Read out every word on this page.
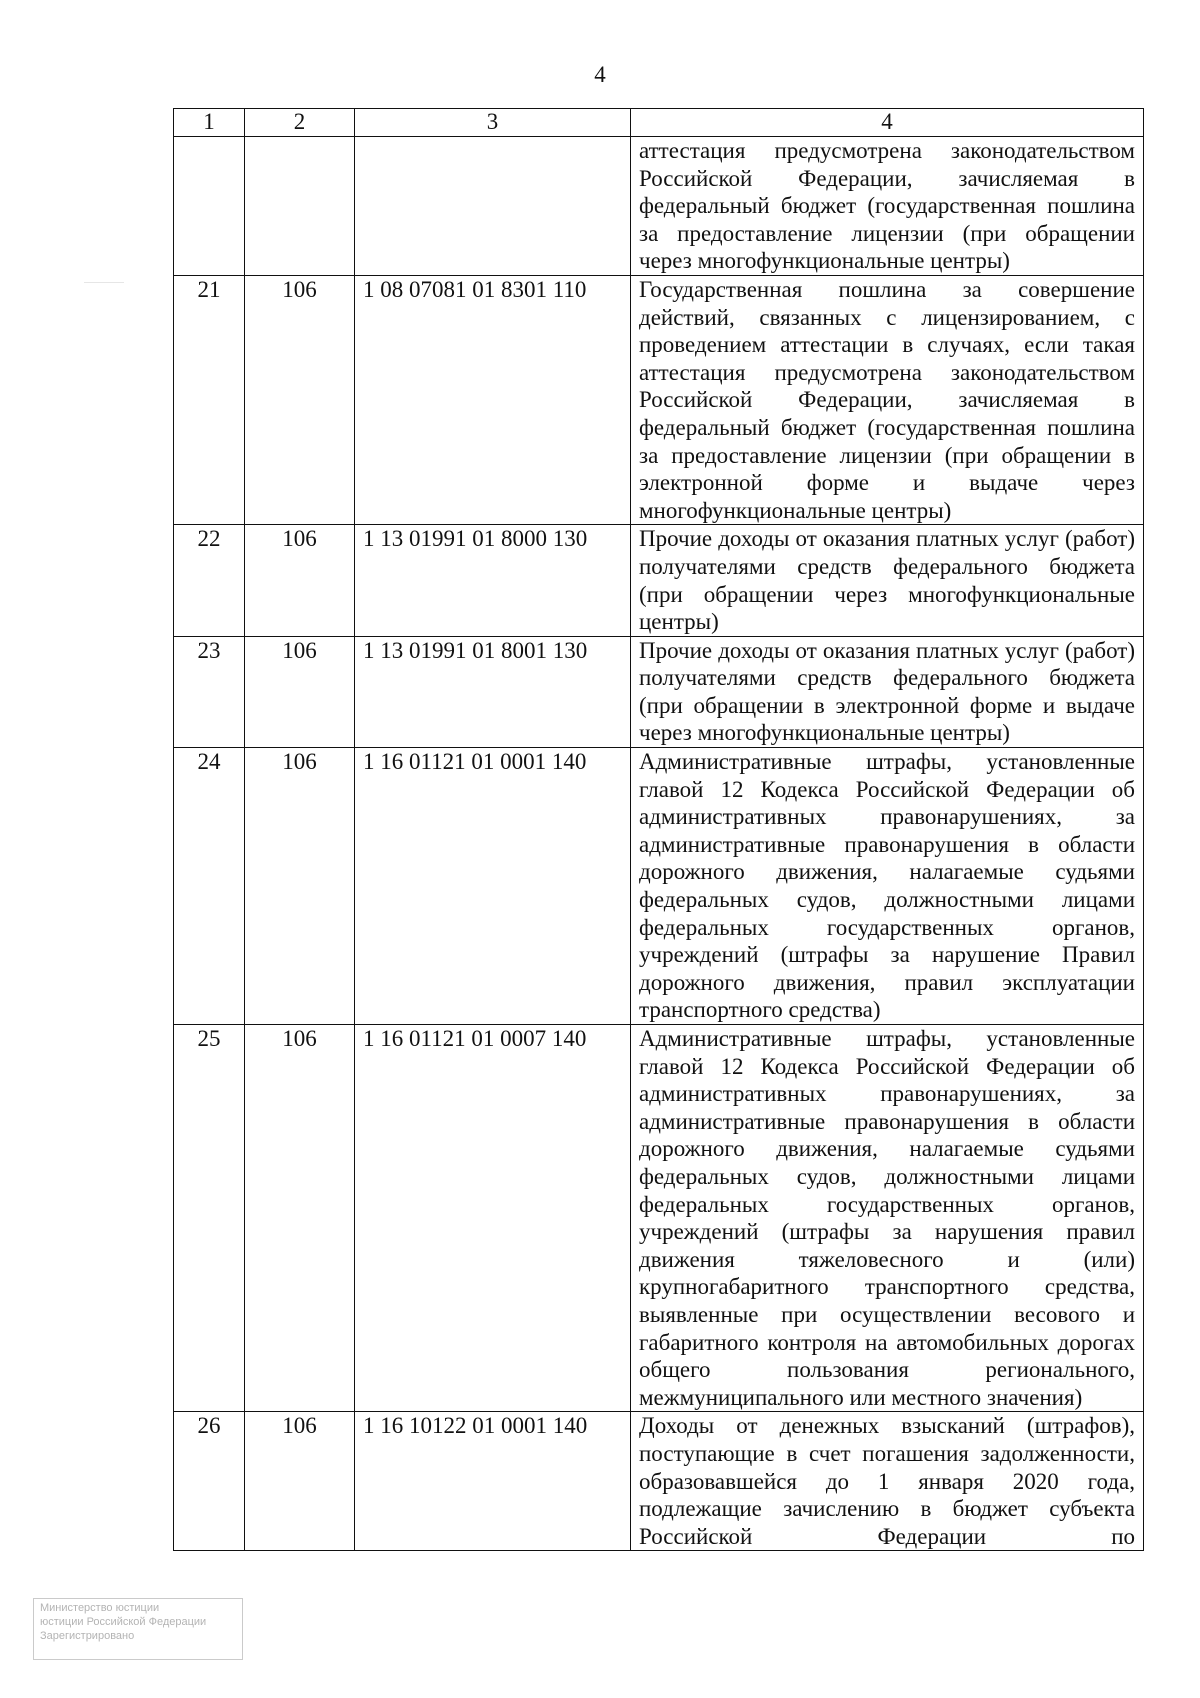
4
1	2	3	4
			аттестация предусмотрена законодательством Российской Федерации, зачисляемая в федеральный бюджет (государственная пошлина за предоставление лицензии (при обращении через многофункциональные центры)
21	106	1 08 07081 01 8301 110	Государственная пошлина за совершение действий, связанных с лицензированием, с проведением аттестации в случаях, если такая аттестация предусмотрена законодательством Российской Федерации, зачисляемая в федеральный бюджет (государственная пошлина за предоставление лицензии (при обращении в электронной форме и выдаче через многофункциональные центры)
22	106	1 13 01991 01 8000 130	Прочие доходы от оказания платных услуг (работ) получателями средств федерального бюджета (при обращении через многофункциональные центры)
23	106	1 13 01991 01 8001 130	Прочие доходы от оказания платных услуг (работ) получателями средств федерального бюджета (при обращении в электронной форме и выдаче через многофункциональные центры)
24	106	1 16 01121 01 0001 140	Административные штрафы, установленные главой 12 Кодекса Российской Федерации об административных правонарушениях, за административные правонарушения в области дорожного движения, налагаемые судьями федеральных судов, должностными лицами федеральных государственных органов, учреждений (штрафы за нарушение Правил дорожного движения, правил эксплуатации транспортного средства)
25	106	1 16 01121 01 0007 140	Административные штрафы, установленные главой 12 Кодекса Российской Федерации об административных правонарушениях, за административные правонарушения в области дорожного движения, налагаемые судьями федеральных судов, должностными лицами федеральных государственных органов, учреждений (штрафы за нарушения правил движения тяжеловесного и (или) крупногабаритного транспортного средства, выявленные при осуществлении весового и габаритного контроля на автомобильных дорогах общего пользования регионального, межмуниципального или местного значения)
26	106	1 16 10122 01 0001 140	Доходы от денежных взысканий (штрафов), поступающие в счет погашения задолженности, образовавшейся до 1 января 2020 года, подлежащие зачислению в бюджет субъекта Российской Федерации по
Министерство юстиции
юстиции Российской Федерации
Зарегистрировано
